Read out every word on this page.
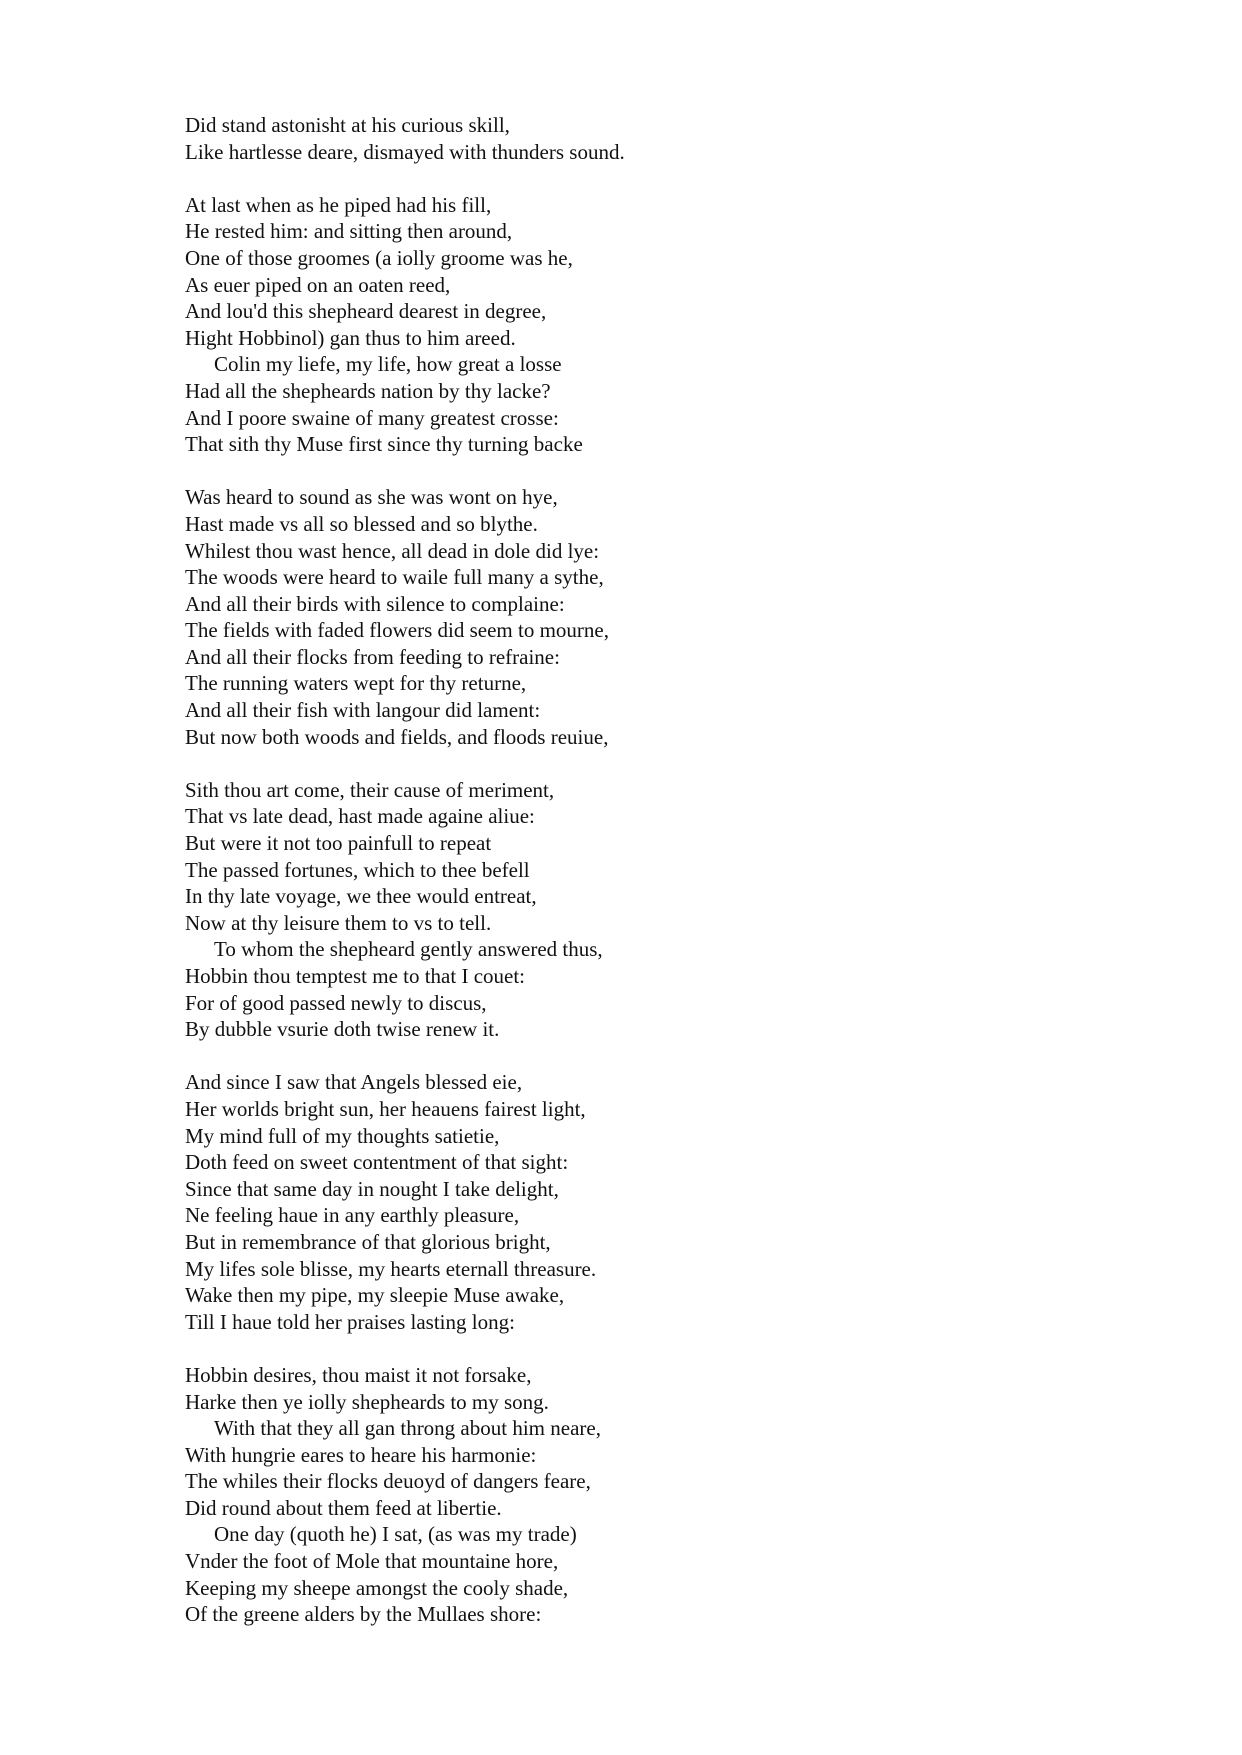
Did stand astonisht at his curious skill,
Like hartlesse deare, dismayed with thunders sound.
At last when as he piped had his fill,
He rested him: and sitting then around,
One of those groomes (a iolly groome was he,
As euer piped on an oaten reed,
And lou'd this shepheard dearest in degree,
Hight Hobbinol) gan thus to him areed.
Colin my liefe, my life, how great a losse
Had all the shepheards nation by thy lacke?
And I poore swaine of many greatest crosse:
That sith thy Muse first since thy turning backe
Was heard to sound as she was wont on hye,
Hast made vs all so blessed and so blythe.
Whilest thou wast hence, all dead in dole did lye:
The woods were heard to waile full many a sythe,
And all their birds with silence to complaine:
The fields with faded flowers did seem to mourne,
And all their flocks from feeding to refraine:
The running waters wept for thy returne,
And all their fish with langour did lament:
But now both woods and fields, and floods reuiue,
Sith thou art come, their cause of meriment,
That vs late dead, hast made againe aliue:
But were it not too painfull to repeat
The passed fortunes, which to thee befell
In thy late voyage, we thee would entreat,
Now at thy leisure them to vs to tell.
To whom the shepheard gently answered thus,
Hobbin thou temptest me to that I couet:
For of good passed newly to discus,
By dubble vsurie doth twise renew it.
And since I saw that Angels blessed eie,
Her worlds bright sun, her heauens fairest light,
My mind full of my thoughts satietie,
Doth feed on sweet contentment of that sight:
Since that same day in nought I take delight,
Ne feeling haue in any earthly pleasure,
But in remembrance of that glorious bright,
My lifes sole blisse, my hearts eternall threasure.
Wake then my pipe, my sleepie Muse awake,
Till I haue told her praises lasting long:
Hobbin desires, thou maist it not forsake,
Harke then ye iolly shepheards to my song.
With that they all gan throng about him neare,
With hungrie eares to heare his harmonie:
The whiles their flocks deuoyd of dangers feare,
Did round about them feed at libertie.
One day (quoth he) I sat, (as was my trade)
Vnder the foot of Mole that mountaine hore,
Keeping my sheepe amongst the cooly shade,
Of the greene alders by the Mullaes shore:
